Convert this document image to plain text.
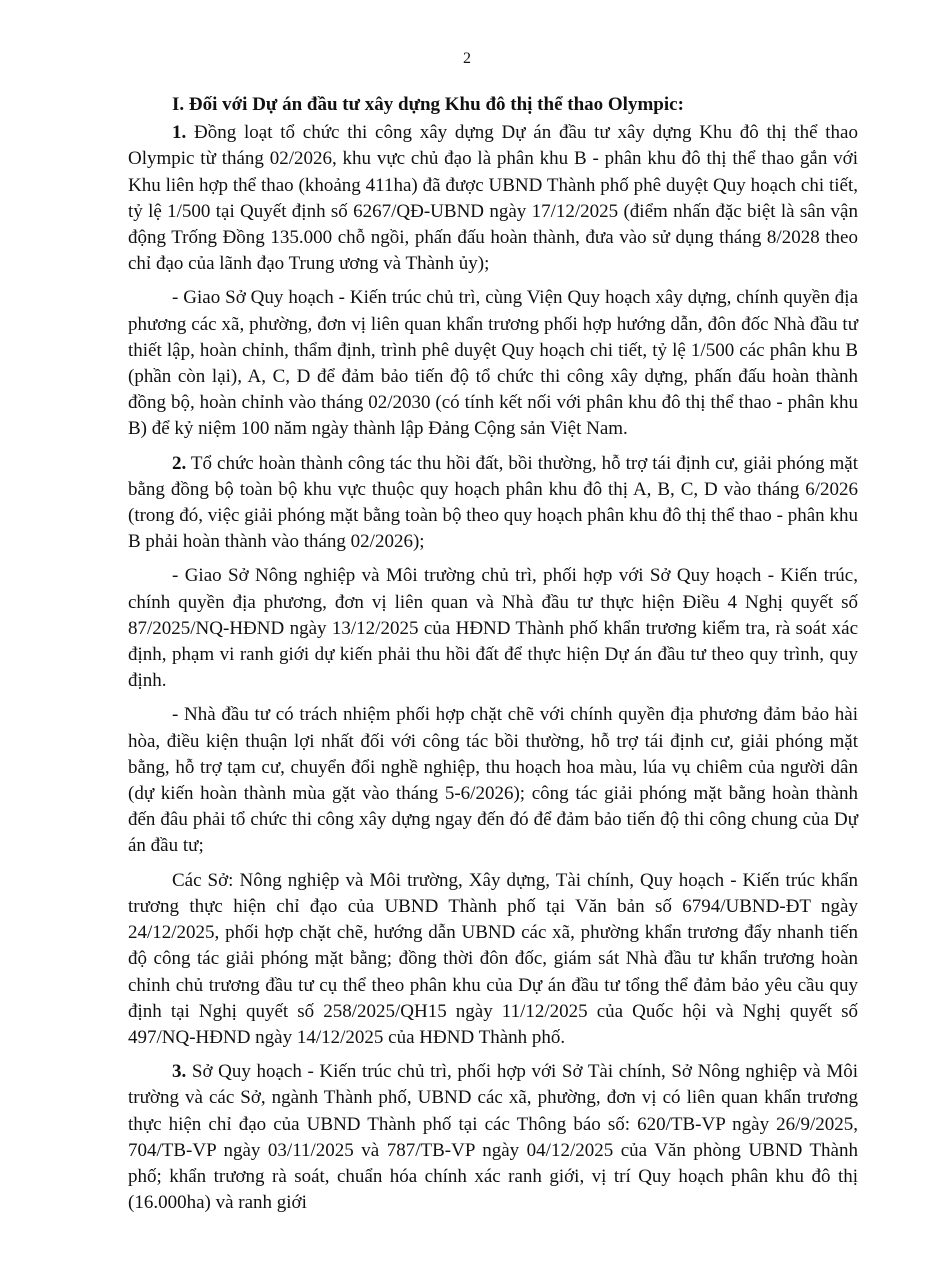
2
I. Đối với Dự án đầu tư xây dựng Khu đô thị thể thao Olympic:

1. Đồng loạt tổ chức thi công xây dựng Dự án đầu tư xây dựng Khu đô thị thể thao Olympic từ tháng 02/2026, khu vực chủ đạo là phân khu B - phân khu đô thị thể thao gắn với Khu liên hợp thể thao (khoảng 411ha) đã được UBND Thành phố phê duyệt Quy hoạch chi tiết, tỷ lệ 1/500 tại Quyết định số 6267/QĐ-UBND ngày 17/12/2025 (điểm nhấn đặc biệt là sân vận động Trống Đồng 135.000 chỗ ngồi, phấn đấu hoàn thành, đưa vào sử dụng tháng 8/2028 theo chỉ đạo của lãnh đạo Trung ương và Thành ủy);

- Giao Sở Quy hoạch - Kiến trúc chủ trì, cùng Viện Quy hoạch xây dựng, chính quyền địa phương các xã, phường, đơn vị liên quan khẩn trương phối hợp hướng dẫn, đôn đốc Nhà đầu tư thiết lập, hoàn chỉnh, thẩm định, trình phê duyệt Quy hoạch chi tiết, tỷ lệ 1/500 các phân khu B (phần còn lại), A, C, D để đảm bảo tiến độ tổ chức thi công xây dựng, phấn đấu hoàn thành đồng bộ, hoàn chỉnh vào tháng 02/2030 (có tính kết nối với phân khu đô thị thể thao - phân khu B) để kỷ niệm 100 năm ngày thành lập Đảng Cộng sản Việt Nam.

2. Tổ chức hoàn thành công tác thu hồi đất, bồi thường, hỗ trợ tái định cư, giải phóng mặt bằng đồng bộ toàn bộ khu vực thuộc quy hoạch phân khu đô thị A, B, C, D vào tháng 6/2026 (trong đó, việc giải phóng mặt bằng toàn bộ theo quy hoạch phân khu đô thị thể thao - phân khu B phải hoàn thành vào tháng 02/2026);

- Giao Sở Nông nghiệp và Môi trường chủ trì, phối hợp với Sở Quy hoạch - Kiến trúc, chính quyền địa phương, đơn vị liên quan và Nhà đầu tư thực hiện Điều 4 Nghị quyết số 87/2025/NQ-HĐND ngày 13/12/2025 của HĐND Thành phố khẩn trương kiểm tra, rà soát xác định, phạm vi ranh giới dự kiến phải thu hồi đất để thực hiện Dự án đầu tư theo quy trình, quy định.

- Nhà đầu tư có trách nhiệm phối hợp chặt chẽ với chính quyền địa phương đảm bảo hài hòa, điều kiện thuận lợi nhất đối với công tác bồi thường, hỗ trợ tái định cư, giải phóng mặt bằng, hỗ trợ tạm cư, chuyển đổi nghề nghiệp, thu hoạch hoa màu, lúa vụ chiêm của người dân (dự kiến hoàn thành mùa gặt vào tháng 5-6/2026); công tác giải phóng mặt bằng hoàn thành đến đâu phải tổ chức thi công xây dựng ngay đến đó để đảm bảo tiến độ thi công chung của Dự án đầu tư;

Các Sở: Nông nghiệp và Môi trường, Xây dựng, Tài chính, Quy hoạch - Kiến trúc khẩn trương thực hiện chỉ đạo của UBND Thành phố tại Văn bản số 6794/UBND-ĐT ngày 24/12/2025, phối hợp chặt chẽ, hướng dẫn UBND các xã, phường khẩn trương đẩy nhanh tiến độ công tác giải phóng mặt bằng; đồng thời đôn đốc, giám sát Nhà đầu tư khẩn trương hoàn chỉnh chủ trương đầu tư cụ thể theo phân khu của Dự án đầu tư tổng thể đảm bảo yêu cầu quy định tại Nghị quyết số 258/2025/QH15 ngày 11/12/2025 của Quốc hội và Nghị quyết số 497/NQ-HĐND ngày 14/12/2025 của HĐND Thành phố.

3. Sở Quy hoạch - Kiến trúc chủ trì, phối hợp với Sở Tài chính, Sở Nông nghiệp và Môi trường và các Sở, ngành Thành phố, UBND các xã, phường, đơn vị có liên quan khẩn trương thực hiện chỉ đạo của UBND Thành phố tại các Thông báo số: 620/TB-VP ngày 26/9/2025, 704/TB-VP ngày 03/11/2025 và 787/TB-VP ngày 04/12/2025 của Văn phòng UBND Thành phố; khẩn trương rà soát, chuẩn hóa chính xác ranh giới, vị trí Quy hoạch phân khu đô thị (16.000ha) và ranh giới
